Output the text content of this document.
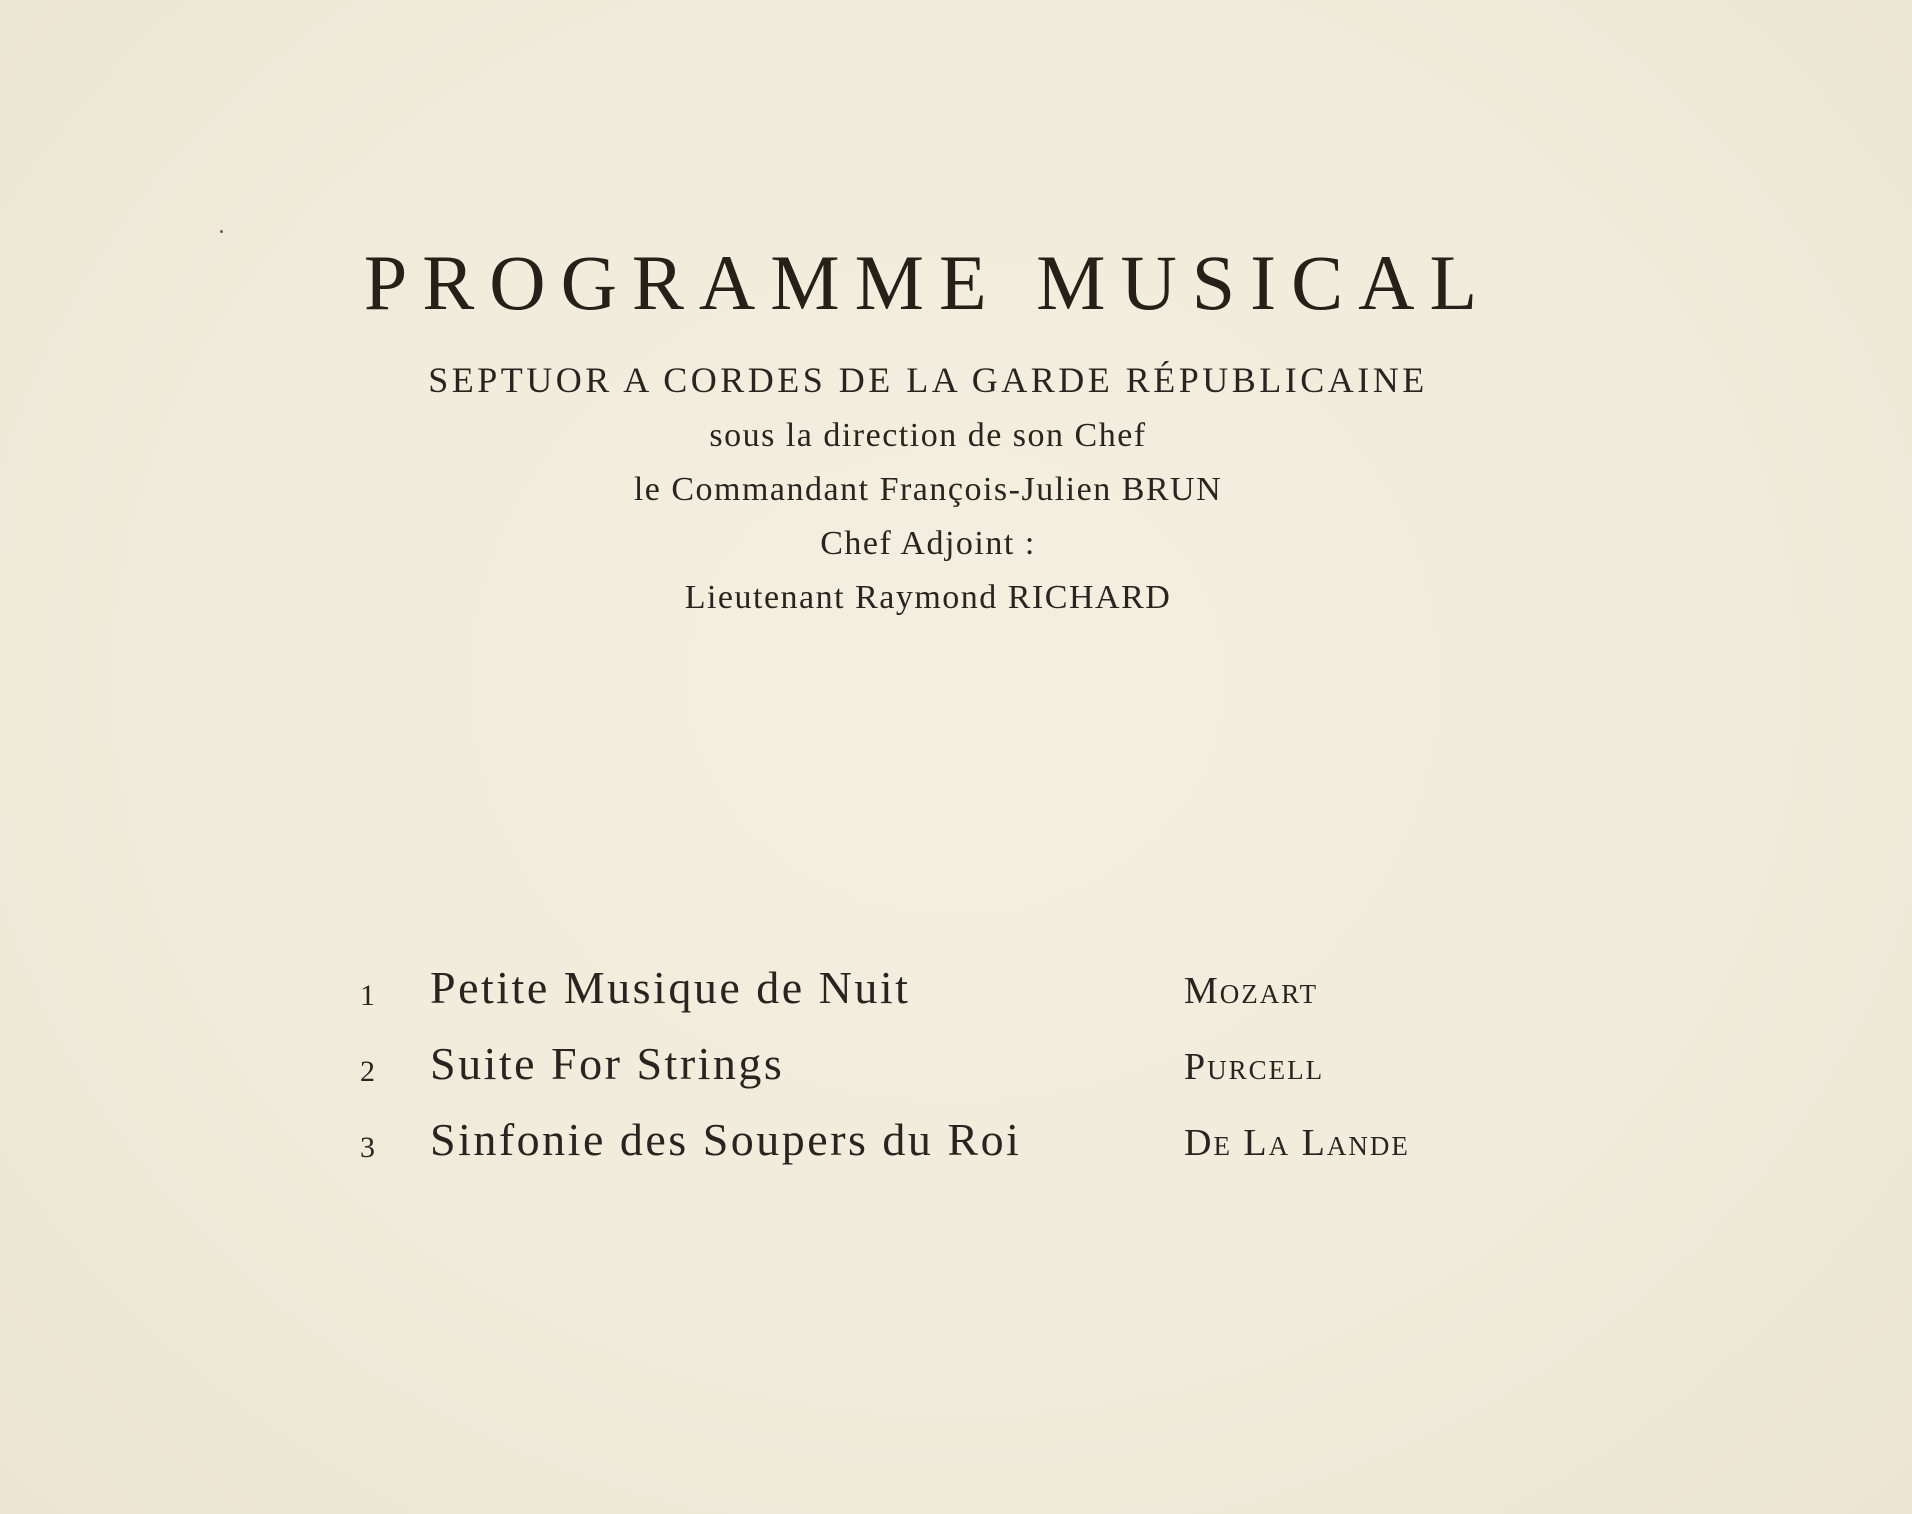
PROGRAMME MUSICAL
SEPTUOR A CORDES DE LA GARDE RÉPUBLICAINE
sous la direction de son Chef
le Commandant François-Julien BRUN
Chef Adjoint :
Lieutenant Raymond RICHARD
1 Petite Musique de Nuit	Mozart
2 Suite For Strings	Purcell
3 Sinfonie des Soupers du Roi	De La Lande
